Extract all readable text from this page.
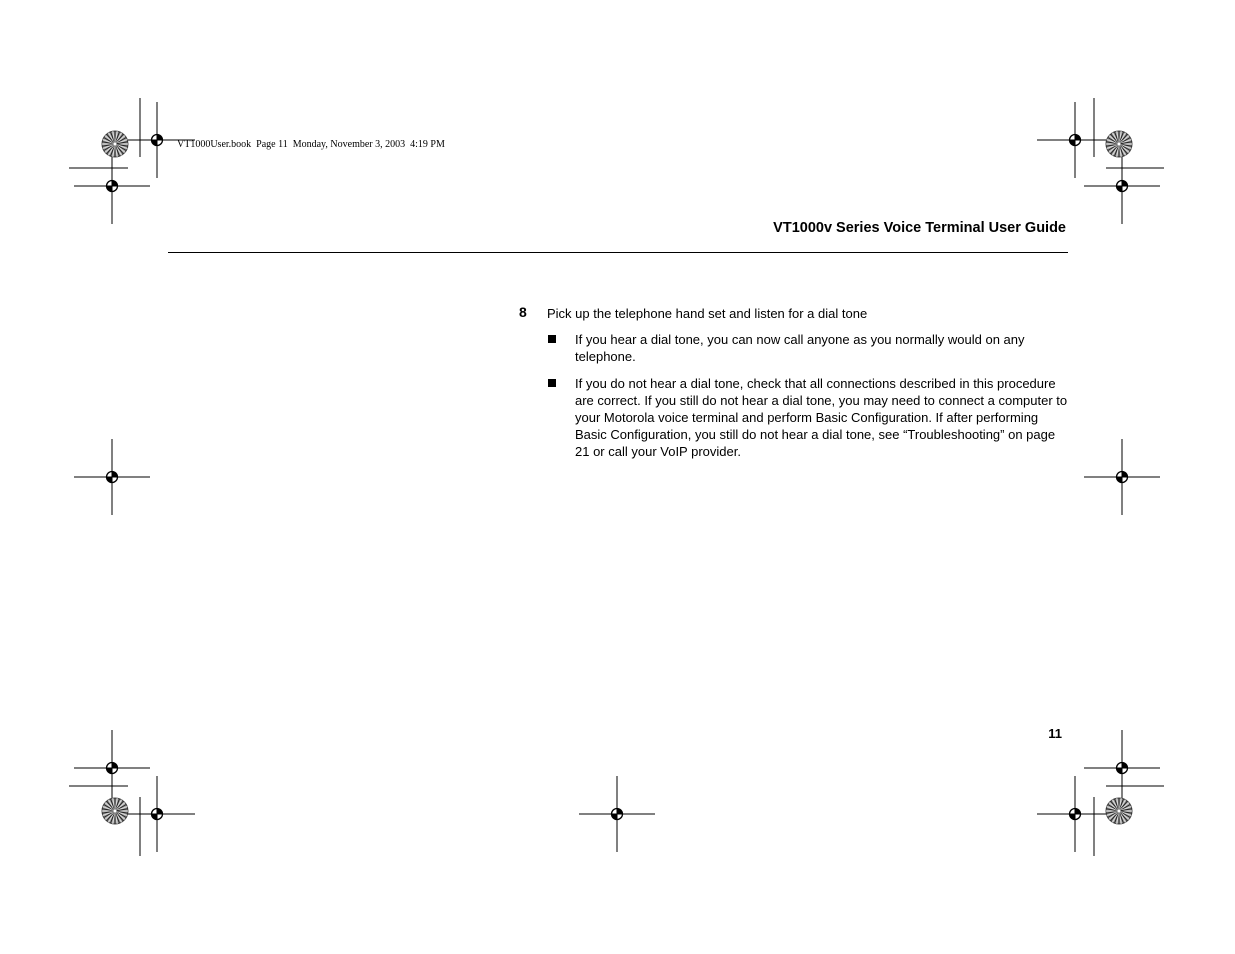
VT1000User.book  Page 11  Monday, November 3, 2003  4:19 PM
VT1000v Series Voice Terminal User Guide
8 Pick up the telephone hand set and listen for a dial tone
If you hear a dial tone, you can now call anyone as you normally would on any telephone.
If you do not hear a dial tone, check that all connections described in this procedure are correct. If you still do not hear a dial tone, you may need to connect a computer to your Motorola voice terminal and perform Basic Configuration. If after performing Basic Configuration, you still do not hear a dial tone, see “Troubleshooting” on page 21 or call your VoIP provider.
11
